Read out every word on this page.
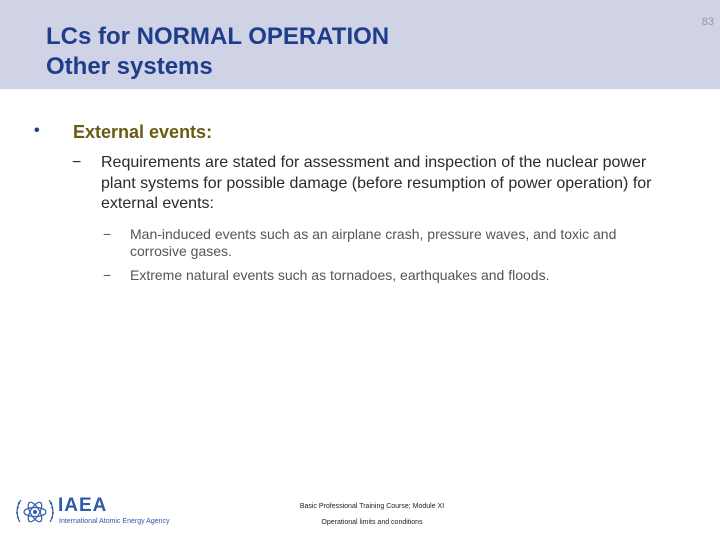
LCs for NORMAL OPERATION
Other systems
83
• External events:
− Requirements are stated for assessment and inspection of the nuclear power plant systems for possible damage (before resumption of power operation) for external events:
− Man-induced events such as an airplane crash, pressure waves, and toxic and corrosive gases.
− Extreme natural events such as tornadoes, earthquakes and floods.
IAEA
International Atomic Energy Agency
Basic Professional Training Course; Module XI
Operational limits and conditions
